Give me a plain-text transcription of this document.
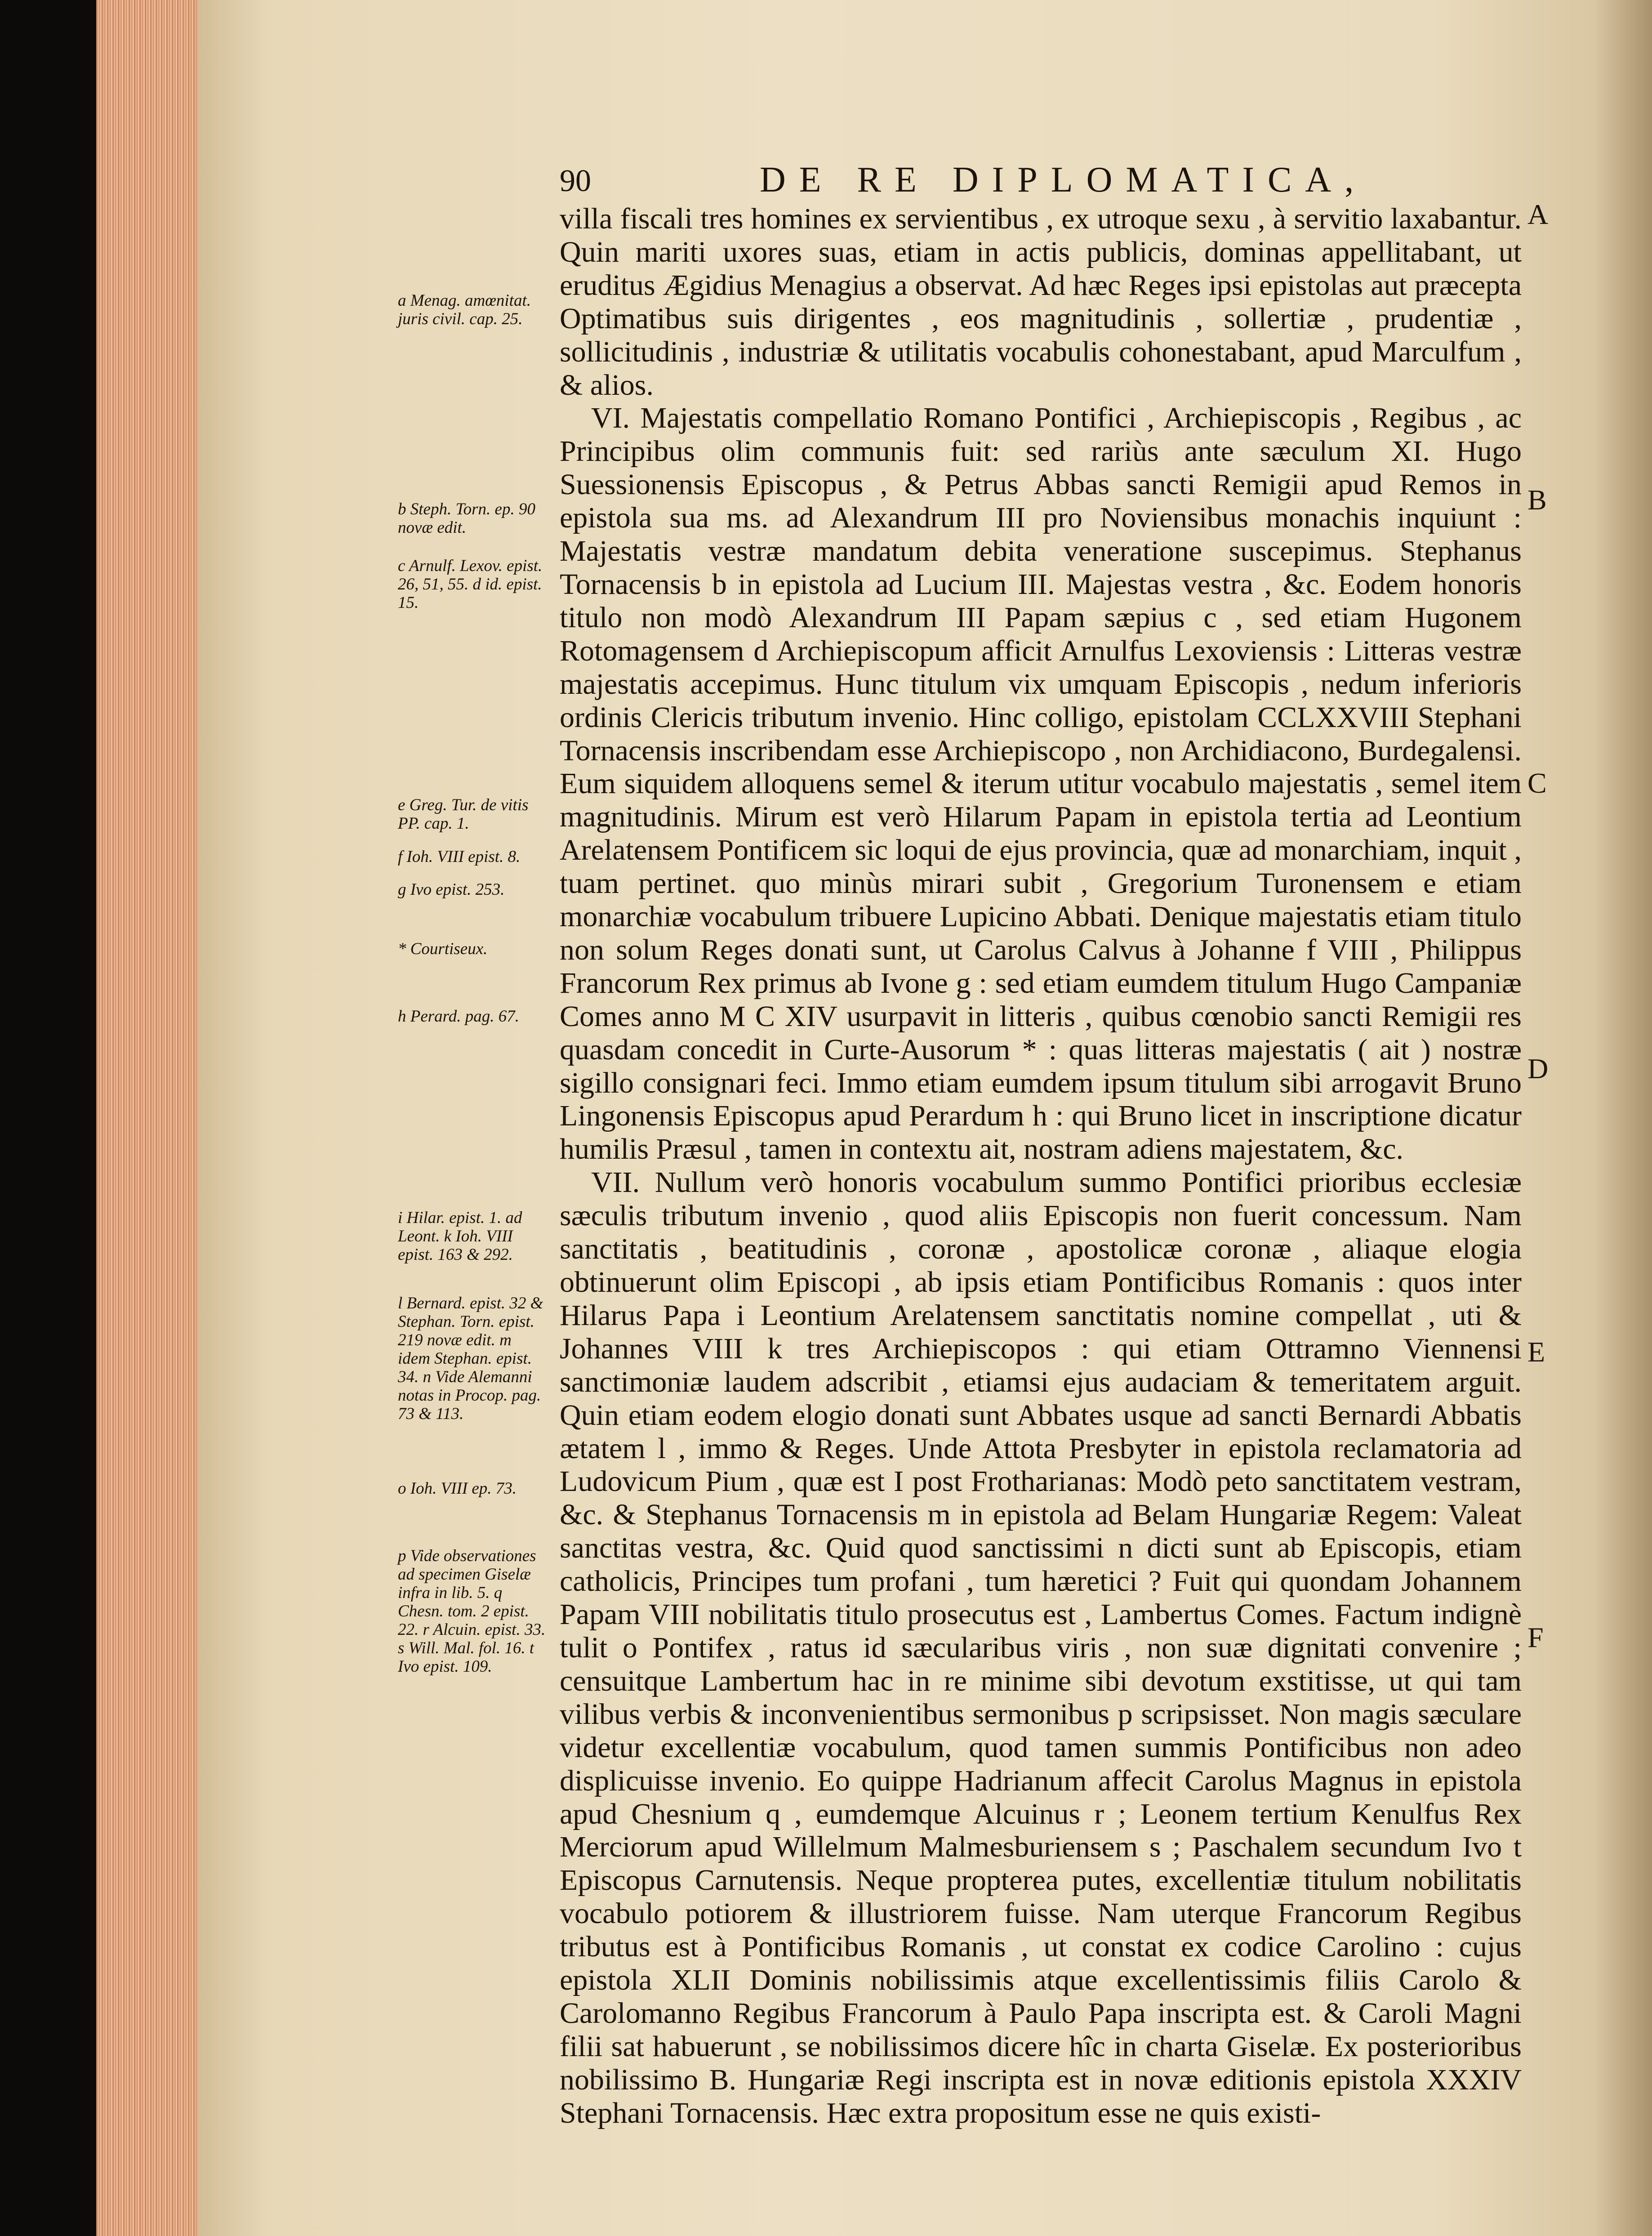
90	DE RE DIPLOMATICA,

villa fiscali tres homines ex servientibus , ex utroque sexu , à servitio laxabantur. Quin mariti uxores suas, etiam in actis publicis, dominas appellitabant, ut eruditus Ægidius Menagius a observat. Ad hæc Reges ipsi epistolas aut præcepta Optimatibus suis dirigentes , eos magnitudinis , sollertiæ , prudentiæ , sollicitudinis , industriæ & utilitatis vocabulis cohonestabant, apud Marculfum , & alios.

VI. Majestatis compellatio Romano Pontifici , Archiepiscopis , Regibus , ac Principibus olim communis fuit: sed rariùs ante sæculum XI. Hugo Suessionensis Episcopus , & Petrus Abbas sancti Remigii apud Remos in epistola sua ms. ad Alexandrum III pro Noviensibus monachis inquiunt : Majestatis vestræ mandatum debita veneratione suscepimus. Stephanus Tornacensis b in epistola ad Lucium III. Majestas vestra , &c. Eodem honoris titulo non modò Alexandrum III Papam sæpius c , sed etiam Hugonem Rotomagensem d Archiepiscopum afficit Arnulfus Lexoviensis : Litteras vestræ majestatis accepimus. Hunc titulum vix umquam Episcopis , nedum inferioris ordinis Clericis tributum invenio. Hinc colligo, epistolam CCLXXVIII Stephani Tornacensis inscribendam esse Archiepiscopo , non Archidiacono, Burdegalensi. Eum siquidem alloquens semel & iterum utitur vocabulo majestatis , semel item magnitudinis. Mirum est verò Hilarum Papam in epistola tertia ad Leontium Arelatensem Pontificem sic loqui de ejus provincia, quæ ad monarchiam, inquit , tuam pertinet. quo minùs mirari subit , Gregorium Turonensem e etiam monarchiæ vocabulum tribuere Lupicino Abbati. Denique majestatis etiam titulo non solum Reges donati sunt, ut Carolus Calvus à Johanne f VIII , Philippus Francorum Rex primus ab Ivone g : sed etiam eumdem titulum Hugo Campaniæ Comes anno M C XIV usurpavit in litteris , quibus cœnobio sancti Remigii res quasdam concedit in Curte-Ausorum * : quas litteras majestatis ( ait ) nostræ sigillo consignari feci. Immo etiam eumdem ipsum titulum sibi arrogavit Bruno Lingonensis Episcopus apud Perardum h : qui Bruno licet in inscriptione dicatur humilis Præsul , tamen in contextu ait, nostram adiens majestatem, &c.

VII. Nullum verò honoris vocabulum summo Pontifici prioribus ecclesiæ sæculis tributum invenio , quod aliis Episcopis non fuerit concessum. Nam sanctitatis , beatitudinis , coronæ , apostolicæ coronæ , aliaque elogia obtinuerunt olim Episcopi , ab ipsis etiam Pontificibus Romanis : quos inter Hilarus Papa i Leontium Arelatensem sanctitatis nomine compellat , uti & Johannes VIII k tres Archiepiscopos : qui etiam Ottramno Viennensi sanctimoniæ laudem adscribit , etiamsi ejus audaciam & temeritatem arguit. Quin etiam eodem elogio donati sunt Abbates usque ad sancti Bernardi Abbatis ætatem l , immo & Reges. Unde Attota Presbyter in epistola reclamatoria ad Ludovicum Pium , quæ est I post Frotharianas: Modò peto sanctitatem vestram, &c. & Stephanus Tornacensis m in epistola ad Belam Hungariæ Regem: Valeat sanctitas vestra, &c. Quid quod sanctissimi n dicti sunt ab Episcopis, etiam catholicis, Principes tum profani , tum hæretici ? Fuit qui quondam Johannem Papam VIII nobilitatis titulo prosecutus est , Lambertus Comes. Factum indignè tulit o Pontifex , ratus id sæcularibus viris , non suæ dignitati convenire ; censuitque Lambertum hac in re minime sibi devotum exstitisse, ut qui tam vilibus verbis & inconvenientibus sermonibus p scripsisset. Non magis sæculare videtur excellentiæ vocabulum, quod tamen summis Pontificibus non adeo displicuisse invenio. Eo quippe Hadrianum affecit Carolus Magnus in epistola apud Chesnium q , eumdemque Alcuinus r ; Leonem tertium Kenulfus Rex Merciorum apud Willelmum Malmesburiensem s ; Paschalem secundum Ivo t Episcopus Carnutensis. Neque propterea putes, excellentiæ titulum nobilitatis vocabulo potiorem & illustriorem fuisse. Nam uterque Francorum Regibus tributus est à Pontificibus Romanis , ut constat ex codice Carolino : cujus epistola XLII Dominis nobilissimis atque excellentissimis filiis Carolo & Carolomanno Regibus Francorum à Paulo Papa inscripta est. & Caroli Magni filii sat habuerunt , se nobilissimos dicere hîc in charta Giselæ. Ex posterioribus nobilissimo B. Hungariæ Regi inscripta est in novæ editionis epistola XXXIV Stephani Tornacensis. Hæc extra propositum esse ne quis existi-

a Menag. amœnitat. juris civil. cap. 25.
b Steph. Torn. ep. 90 novæ edit.
c Arnulf. Lexov. epist. 26, 51, 55. d id. epist. 15.
e Greg. Tur. de vitis PP. cap. 1.
f Ioh. VIII epist. 8.
g Ivo epist. 253.
* Courtiseux.
h Perard. pag. 67.
i Hilar. epist. 1. ad Leont. k Ioh. VIII epist. 163 & 292.
l Bernard. epist. 32 & Stephan. Torn. epist. 219 novæ edit. m idem Stephan. epist. 34. n Vide Alemanni notas in Procop. pag. 73 & 113.
o Ioh. VIII ep. 73.
p Vide observationes ad specimen Giselæ infra in lib. 5. q Chesn. tom. 2 epist. 22. r Alcuin. epist. 33. s Will. Mal. fol. 16. t Ivo epist. 109.
A
B
C
D
E
F
